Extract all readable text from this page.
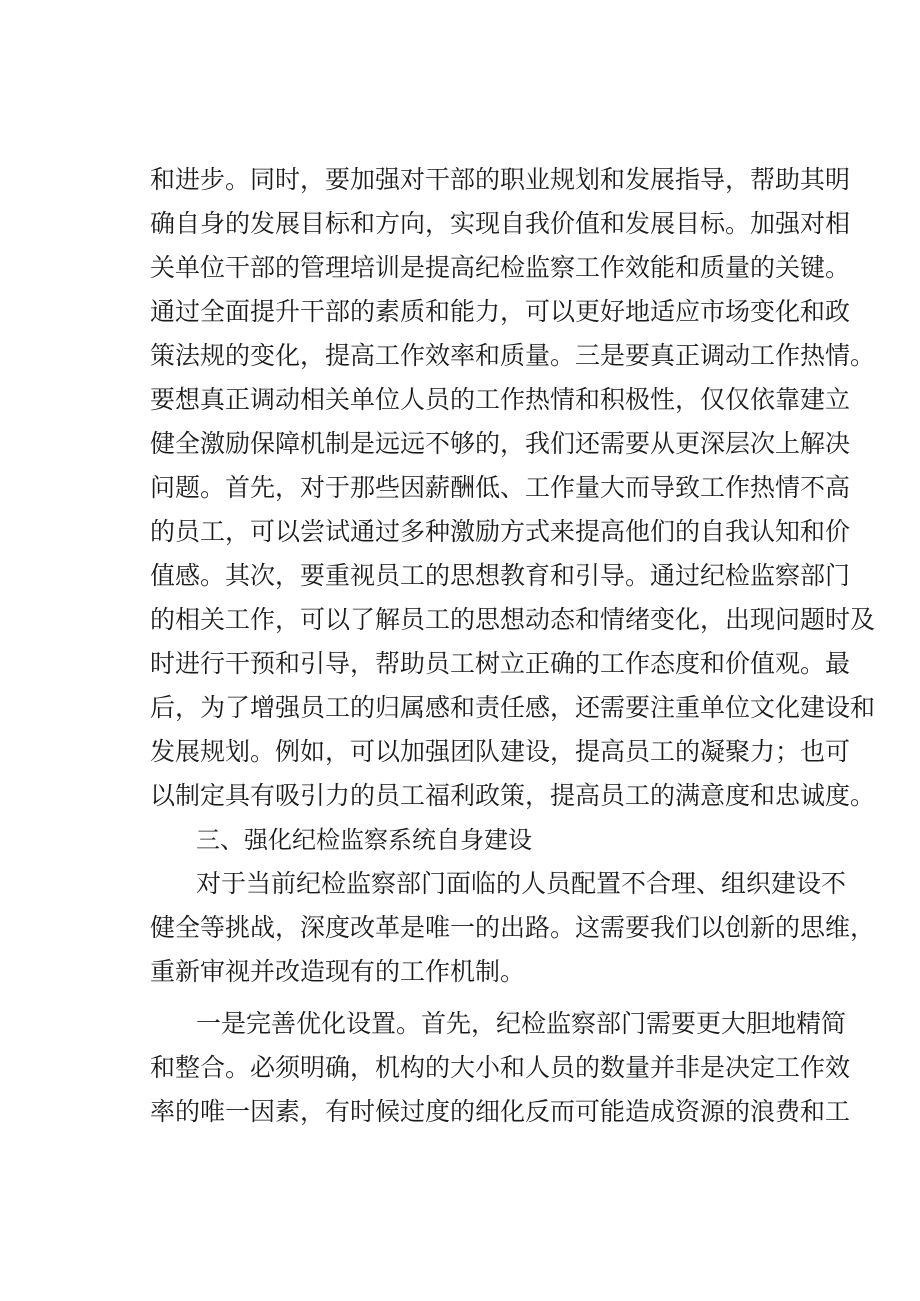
和进步。同时，要加强对干部的职业规划和发展指导，帮助其明
确自身的发展目标和方向，实现自我价值和发展目标。加强对相
关单位干部的管理培训是提高纪检监察工作效能和质量的关键。
通过全面提升干部的素质和能力，可以更好地适应市场变化和政
策法规的变化，提高工作效率和质量。三是要真正调动工作热情。
要想真正调动相关单位人员的工作热情和积极性，仅仅依靠建立
健全激励保障机制是远远不够的，我们还需要从更深层次上解决
问题。首先，对于那些因薪酬低、工作量大而导致工作热情不高
的员工，可以尝试通过多种激励方式来提高他们的自我认知和价
值感。其次，要重视员工的思想教育和引导。通过纪检监察部门
的相关工作，可以了解员工的思想动态和情绪变化，出现问题时及
时进行干预和引导，帮助员工树立正确的工作态度和价值观。最
后，为了增强员工的归属感和责任感，还需要注重单位文化建设和
发展规划。例如，可以加强团队建设，提高员工的凝聚力；也可
以制定具有吸引力的员工福利政策，提高员工的满意度和忠诚度。
三、强化纪检监察系统自身建设
对于当前纪检监察部门面临的人员配置不合理、组织建设不
健全等挑战，深度改革是唯一的出路。这需要我们以创新的思维，
重新审视并改造现有的工作机制。
一是完善优化设置。首先，纪检监察部门需要更大胆地精简
和整合。必须明确，机构的大小和人员的数量并非是决定工作效
率的唯一因素，有时候过度的细化反而可能造成资源的浪费和工
